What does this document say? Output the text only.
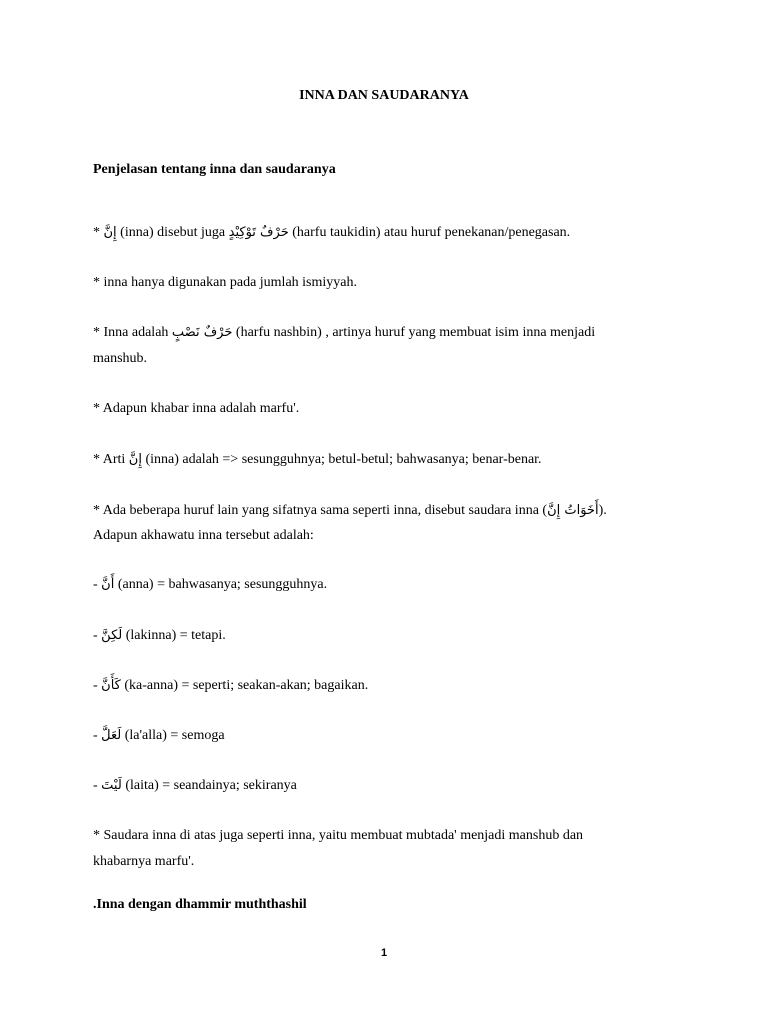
INNA DAN SAUDARANYA
Penjelasan tentang inna dan saudaranya
* إِنَّ (inna) disebut juga حَرْفٌ تَوْكِيْدٍ (harfu taukidin) atau huruf penekanan/penegasan.
* inna hanya digunakan pada jumlah ismiyyah.
* Inna adalah حَرْفٌ نَصْبٍ (harfu nashbin) , artinya huruf yang membuat isim inna menjadi
manshub.
* Adapun khabar inna adalah marfu'.
* Arti إِنَّ (inna) adalah => sesungguhnya; betul-betul; bahwasanya; benar-benar.
* Ada beberapa huruf lain yang sifatnya sama seperti inna, disebut saudara inna (أَخَوَاتُ إِنَّ).
Adapun akhawatu inna tersebut adalah:
- أَنَّ (anna) = bahwasanya; sesungguhnya.
- لَكِنَّ (lakinna) = tetapi.
- كَأَنَّ (ka-anna) = seperti; seakan-akan; bagaikan.
- لَعَلَّ (la'alla) = semoga
- لَيْتَ (laita) = seandainya; sekiranya
* Saudara inna di atas juga seperti inna, yaitu membuat mubtada' menjadi manshub dan
khabarnya marfu'.
.Inna dengan dhammir muththashil
1
